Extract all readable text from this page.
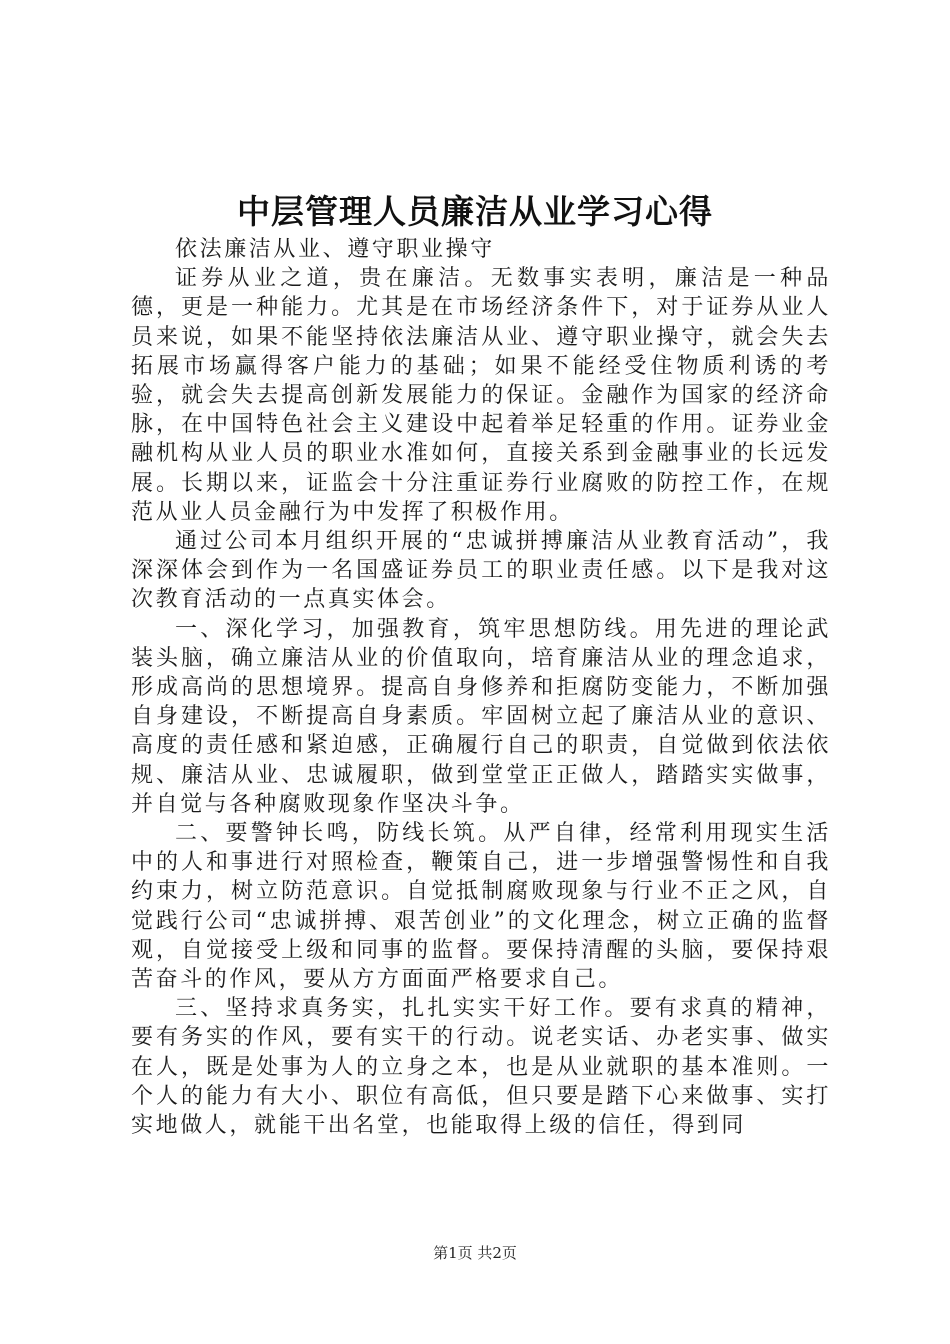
中层管理人员廉洁从业学习心得

依法廉洁从业、遵守职业操守

证券从业之道，贵在廉洁。无数事实表明，廉洁是一种品德，更是一种能力。尤其是在市场经济条件下，对于证券从业人员来说，如果不能坚持依法廉洁从业、遵守职业操守，就会失去拓展市场赢得客户能力的基础；如果不能经受住物质利诱的考验，就会失去提高创新发展能力的保证。金融作为国家的经济命脉，在中国特色社会主义建设中起着举足轻重的作用。证券业金融机构从业人员的职业水准如何，直接关系到金融事业的长远发展。长期以来，证监会十分注重证券行业腐败的防控工作，在规范从业人员金融行为中发挥了积极作用。

通过公司本月组织开展的“忠诚拼搏廉洁从业教育活动”，我深深体会到作为一名国盛证券员工的职业责任感。以下是我对这次教育活动的一点真实体会。

一、深化学习，加强教育，筑牢思想防线。用先进的理论武装头脑，确立廉洁从业的价值取向，培育廉洁从业的理念追求，形成高尚的思想境界。提高自身修养和拒腐防变能力，不断加强自身建设，不断提高自身素质。牢固树立起了廉洁从业的意识、高度的责任感和紧迫感，正确履行自己的职责，自觉做到依法依规、廉洁从业、忠诚履职，做到堂堂正正做人，踏踏实实做事，并自觉与各种腐败现象作坚决斗争。

二、要警钟长鸣，防线长筑。从严自律，经常利用现实生活中的人和事进行对照检查，鞭策自己，进一步增强警惕性和自我约束力，树立防范意识。自觉抵制腐败现象与行业不正之风，自觉践行公司“忠诚拼搏、艰苦创业”的文化理念，树立正确的监督观，自觉接受上级和同事的监督。要保持清醒的头脑，要保持艰苦奋斗的作风，要从方方面面严格要求自己。

三、坚持求真务实，扎扎实实干好工作。要有求真的精神，要有务实的作风，要有实干的行动。说老实话、办老实事、做实在人，既是处事为人的立身之本，也是从业就职的基本准则。一个人的能力有大小、职位有高低，但只要是踏下心来做事、实打实地做人，就能干出名堂，也能取得上级的信任，得到同

第1页 共2页
